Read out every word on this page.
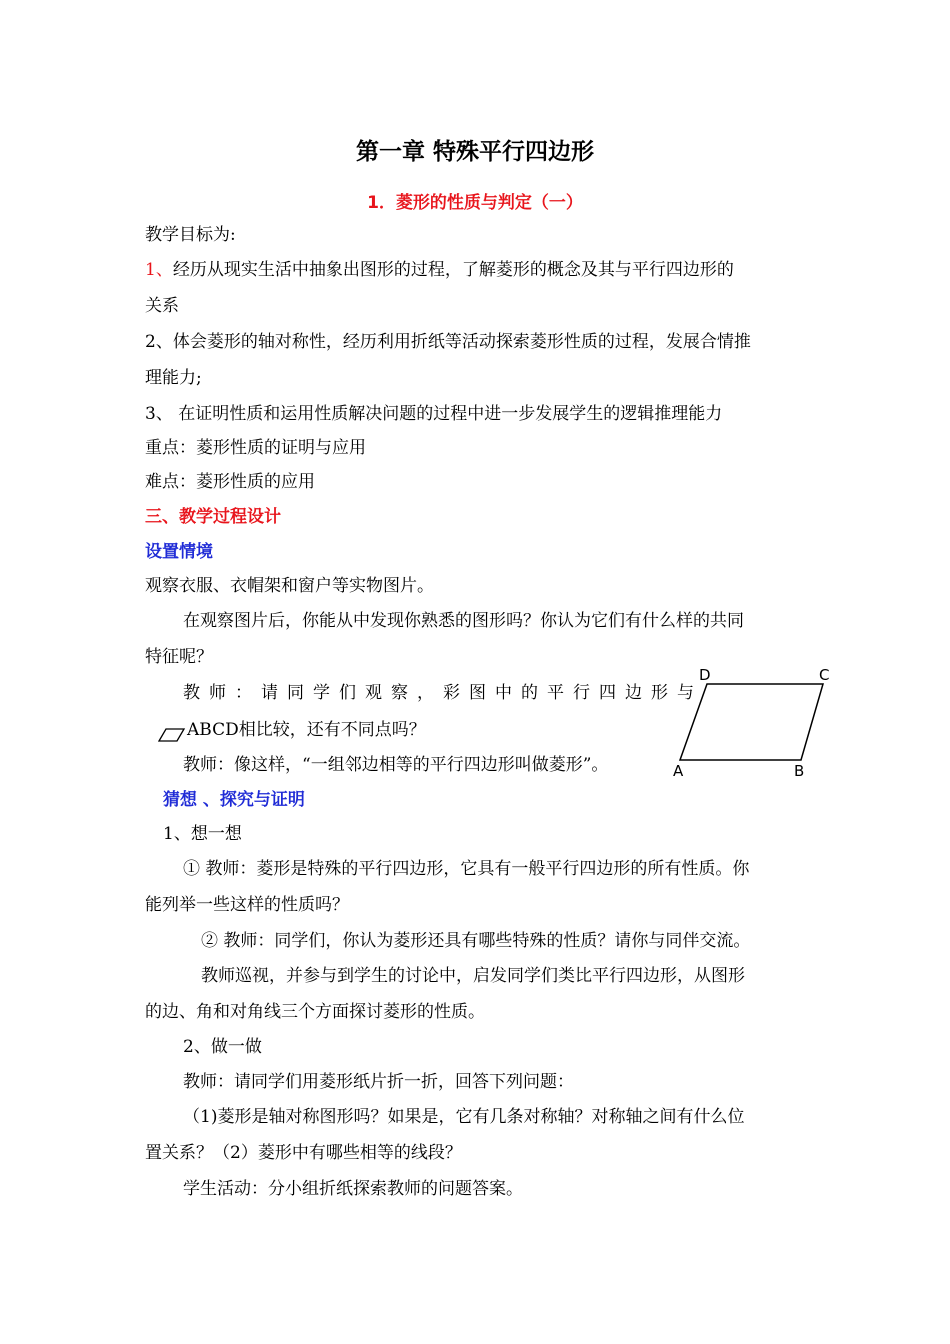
第一章 特殊平行四边形
1．菱形的性质与判定（一）
教学目标为:
1、经历从现实生活中抽象出图形的过程，了解菱形的概念及其与平行四边形的
关系
2、体会菱形的轴对称性，经历利用折纸等活动探索菱形性质的过程，发展合情推
理能力;
3、 在证明性质和运用性质解决问题的过程中进一步发展学生的逻辑推理能力
重点：菱形性质的证明与应用
难点：菱形性质的应用
三、教学过程设计
设置情境
观察衣服、衣帽架和窗户等实物图片。
在观察图片后，你能从中发现你熟悉的图形吗？你认为它们有什么样的共同
特征呢？
教师：请同学们观察，彩图中的平行四边形与
ABCD相比较，还有不同点吗？
教师：像这样，“一组邻边相等的平行四边形叫做菱形”。
D	C
A	B
猜想 、探究与证明
1、想一想
① 教师：菱形是特殊的平行四边形，它具有一般平行四边形的所有性质。你
能列举一些这样的性质吗？
② 教师：同学们，你认为菱形还具有哪些特殊的性质？请你与同伴交流。
教师巡视，并参与到学生的讨论中，启发同学们类比平行四边形，从图形
的边、角和对角线三个方面探讨菱形的性质。
2、做一做
教师：请同学们用菱形纸片折一折，回答下列问题：
（1)菱形是轴对称图形吗？如果是，它有几条对称轴？对称轴之间有什么位
置关系？（2）菱形中有哪些相等的线段？
学生活动：分小组折纸探索教师的问题答案。
